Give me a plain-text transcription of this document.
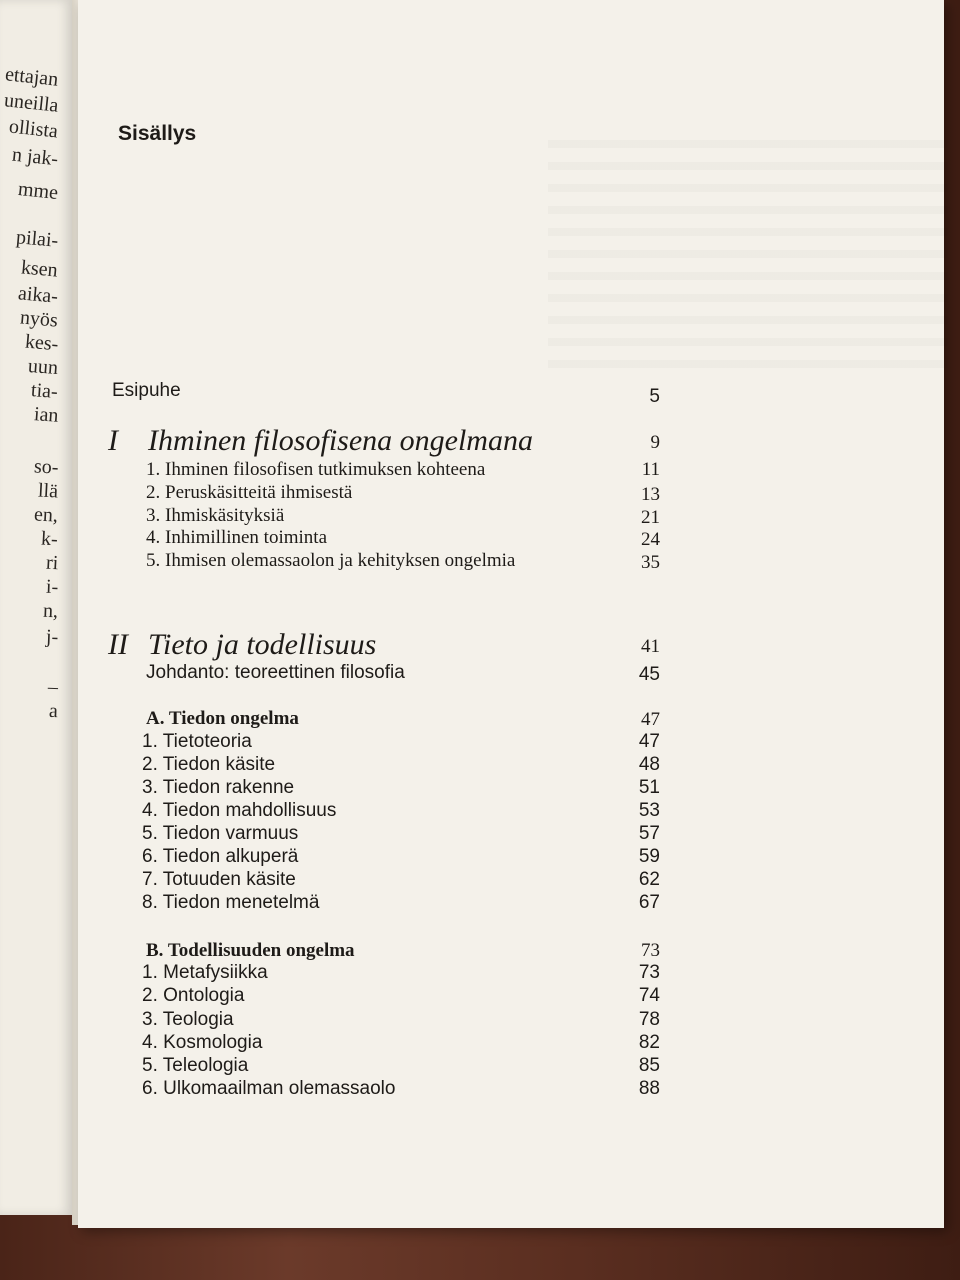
ettajan
uneilla
ollista
n jak-
mme
pilai-
ksen
aika-
nyös
kes-
uun
tia-
ian
so-
llä
en,
k-
ri
i-
n,
j-
–
a
Sisällys
Esipuhe	5
I Ihminen filosofisena ongelmana	9
1. Ihminen filosofisen tutkimuksen kohteena	11
2. Peruskäsitteitä ihmisestä	13
3. Ihmiskäsityksiä	21
4. Inhimillinen toiminta	24
5. Ihmisen olemassaolon ja kehityksen ongelmia	35
II Tieto ja todellisuus	41
Johdanto: teoreettinen filosofia	45
A. Tiedon ongelma	47
1. Tietoteoria	47
2. Tiedon käsite	48
3. Tiedon rakenne	51
4. Tiedon mahdollisuus	53
5. Tiedon varmuus	57
6. Tiedon alkuperä	59
7. Totuuden käsite	62
8. Tiedon menetelmä	67
B. Todellisuuden ongelma	73
1. Metafysiikka	73
2. Ontologia	74
3. Teologia	78
4. Kosmologia	82
5. Teleologia	85
6. Ulkomaailman olemassaolo	88
